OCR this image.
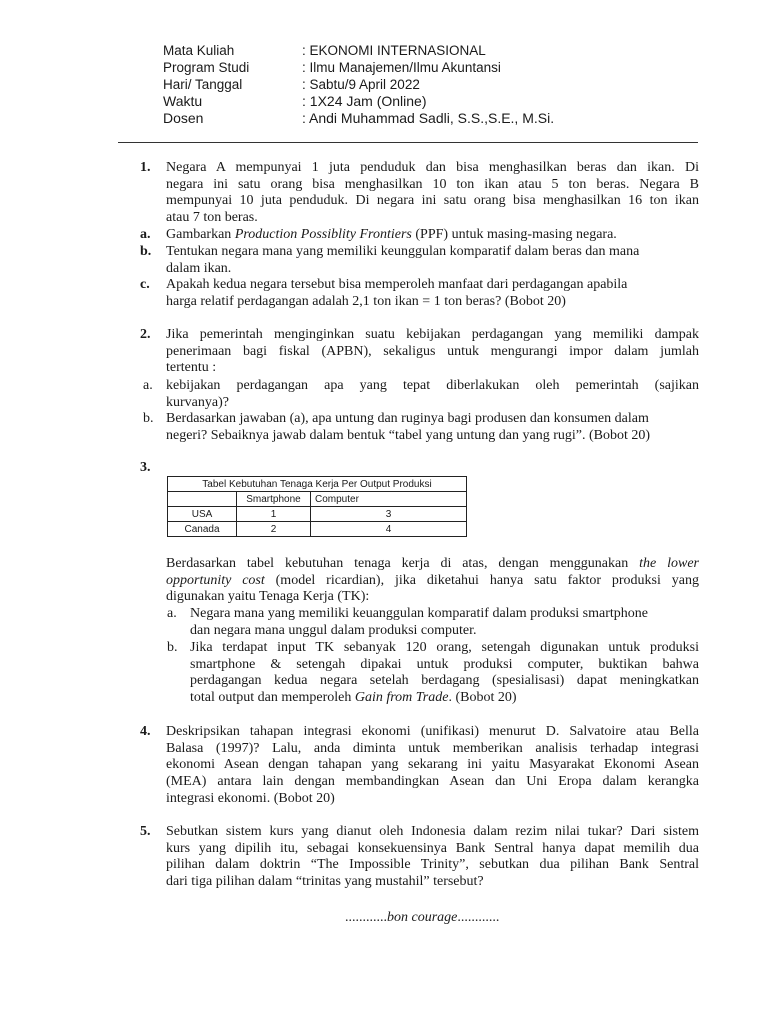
Mata Kuliah	: EKONOMI INTERNASIONAL
Program Studi	: Ilmu Manajemen/Ilmu Akuntansi
Hari/ Tanggal	: Sabtu/9 April 2022
Waktu	: 1X24 Jam (Online)
Dosen	: Andi Muhammad Sadli, S.S.,S.E., M.Si.
1. Negara A mempunyai 1 juta penduduk dan bisa menghasilkan beras dan ikan. Di
negara ini satu orang bisa menghasilkan 10 ton ikan atau 5 ton beras. Negara B
mempunyai 10 juta penduduk. Di negara ini satu orang bisa menghasilkan 16 ton ikan
atau 7 ton beras.
a. Gambarkan Production Possiblity Frontiers (PPF) untuk masing-masing negara.
b. Tentukan negara mana yang memiliki keunggulan komparatif dalam beras dan mana
dalam ikan.
c. Apakah kedua negara tersebut bisa memperoleh manfaat dari perdagangan apabila
harga relatif perdagangan adalah 2,1 ton ikan = 1 ton beras? (Bobot 20)
2. Jika pemerintah menginginkan suatu kebijakan perdagangan yang memiliki dampak
penerimaan bagi fiskal (APBN), sekaligus untuk mengurangi impor dalam jumlah
tertentu :
a. kebijakan perdagangan apa yang tepat diberlakukan oleh pemerintah (sajikan
kurvanya)?
b. Berdasarkan jawaban (a), apa untung dan ruginya bagi produsen dan konsumen dalam
negeri? Sebaiknya jawab dalam bentuk “tabel yang untung dan yang rugi”. (Bobot 20)
3.
Tabel Kebutuhan Tenaga Kerja Per Output Produksi		
	Smartphone	Computer
USA	1	3
Canada	2	4
Berdasarkan tabel kebutuhan tenaga kerja di atas, dengan menggunakan the lower
opportunity cost (model ricardian), jika diketahui hanya satu faktor produksi yang
digunakan yaitu Tenaga Kerja (TK):
a. Negara mana yang memiliki keuanggulan komparatif dalam produksi smartphone
dan negara mana unggul dalam produksi computer.
b. Jika terdapat input TK sebanyak 120 orang, setengah digunakan untuk produksi
smartphone & setengah dipakai untuk produksi computer, buktikan bahwa
perdagangan kedua negara setelah berdagang (spesialisasi) dapat meningkatkan
total output dan memperoleh Gain from Trade. (Bobot 20)
4. Deskripsikan tahapan integrasi ekonomi (unifikasi) menurut D. Salvatoire atau Bella
Balasa (1997)? Lalu, anda diminta untuk memberikan analisis terhadap integrasi
ekonomi Asean dengan tahapan yang sekarang ini yaitu Masyarakat Ekonomi Asean
(MEA) antara lain dengan membandingkan Asean dan Uni Eropa dalam kerangka
integrasi ekonomi. (Bobot 20)
5. Sebutkan sistem kurs yang dianut oleh Indonesia dalam rezim nilai tukar? Dari sistem
kurs yang dipilih itu, sebagai konsekuensinya Bank Sentral hanya dapat memilih dua
pilihan dalam doktrin “The Impossible Trinity”, sebutkan dua pilihan Bank Sentral
dari tiga pilihan dalam “trinitas yang mustahil” tersebut?
............bon courage............
